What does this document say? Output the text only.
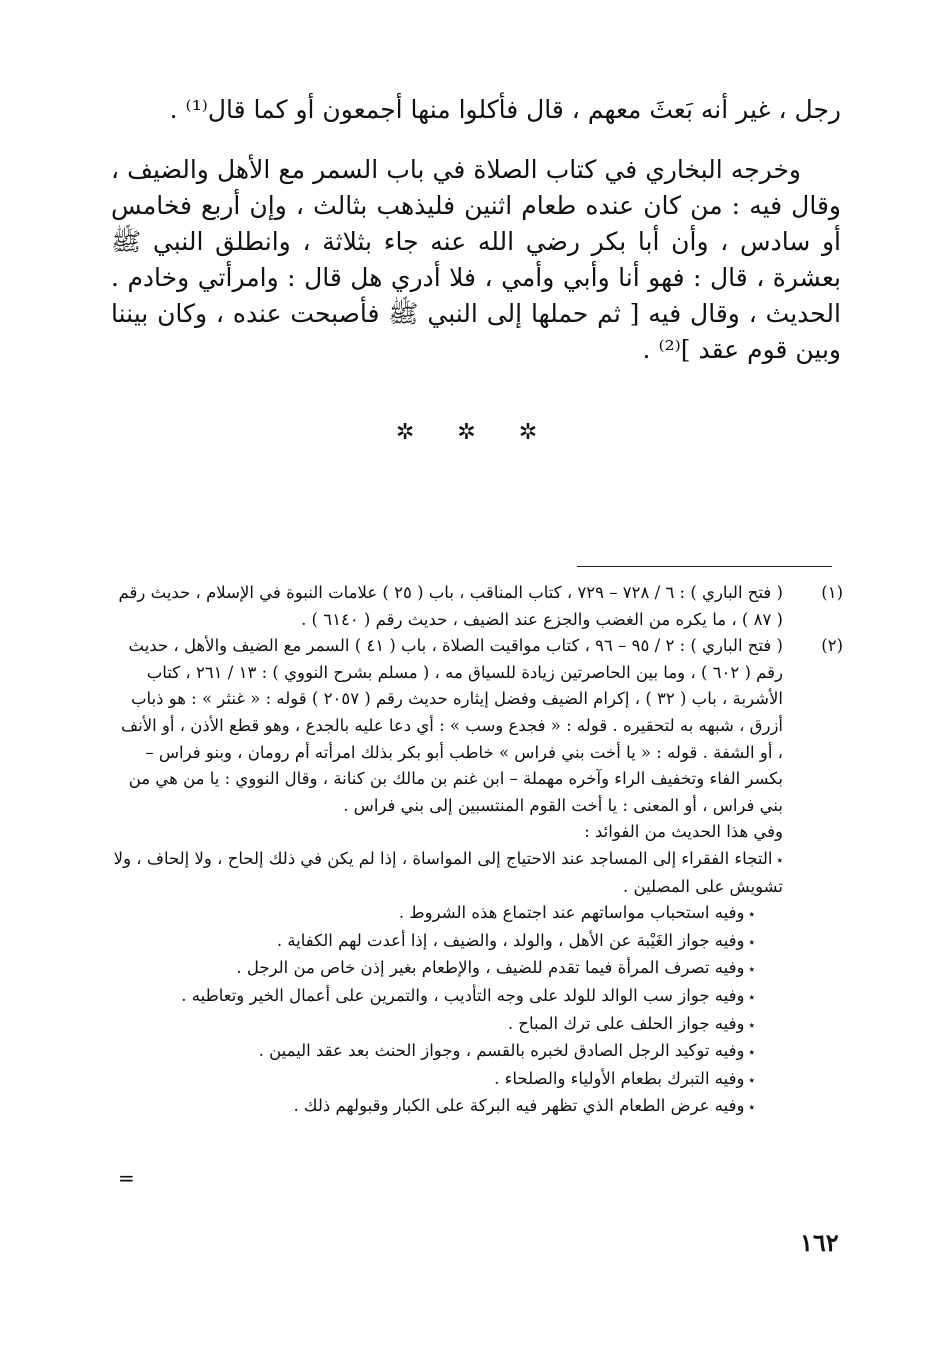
رجل ، غير أنه بَعثَ معهم ، قال فأكلوا منها أجمعون أو كما قال⁽¹⁾ .

وخرجه البخاري في كتاب الصلاة في باب السمر مع الأهل والضيف ، وقال فيه : من كان عنده طعام اثنين فليذهب بثالث ، وإن أربع فخامس أو سادس ، وأن أبا بكر رضي الله عنه جاء بثلاثة ، وانطلق النبي ﷺ بعشرة ، قال : فهو أنا وأبي وأمي ، فلا أدري هل قال : وامرأتي وخادم . الحديث ، وقال فيه [ ثم حملها إلى النبي ﷺ فأصبحت عنده ، وكان بيننا وبين قوم عقد ]⁽²⁾ .

✲ ✲ ✲
(١)
( فتح الباري ) : ٦ / ٧٢٨ – ٧٢٩ ، كتاب المناقب ، باب ( ٢٥ ) علامات النبوة في الإسلام ، حديث رقم ( ٨٧ ) ، ما يكره من الغضب والجزع عند الضيف ، حديث رقم ( ٦١٤٠ ) .
(٢)
( فتح الباري ) : ٢ / ٩٥ – ٩٦ ، كتاب مواقيت الصلاة ، باب ( ٤١ ) السمر مع الضيف والأهل ، حديث رقم ( ٦٠٢ ) ، وما بين الحاصرتين زيادة للسياق مه ، ( مسلم بشرح النووي ) : ١٣ / ٢٦١ ، كتاب الأشربة ، باب ( ٣٢ ) ، إكرام الضيف وفضل إيثاره حديث رقم ( ٢٠٥٧ ) قوله : « غنثر » : هو ذباب أزرق ، شبهه به لتحقيره . قوله : « فجدع وسب » : أي دعا عليه بالجدع ، وهو قطع الأذن ، أو الأنف ، أو الشفة . قوله : « يا أخت بني فراس » خاطب أبو بكر بذلك امرأته أم رومان ، وبنو فراس – بكسر الفاء وتخفيف الراء وآخره مهملة – ابن غنم بن مالك بن كنانة ، وقال النووي : يا من هي من بني فراس ، أو المعنى : يا أخت القوم المنتسبين إلى بني فراس .
وفي هذا الحديث من الفوائد :
٭التجاء الفقراء إلى المساجد عند الاحتياج إلى المواساة ، إذا لم يكن في ذلك إلحاح ، ولا إلحاف ، ولا تشويش على المصلين .
٭وفيه استحباب مواساتهم عند اجتماع هذه الشروط .
٭وفيه جواز الغَيْبة عن الأهل ، والولد ، والضيف ، إذا أعدت لهم الكفاية .
٭وفيه تصرف المرأة فيما تقدم للضيف ، والإطعام بغير إذن خاص من الرجل .
٭وفيه جواز سب الوالد للولد على وجه التأديب ، والتمرين على أعمال الخير وتعاطيه .
٭وفيه جواز الحلف على ترك المباح .
٭وفيه توكيد الرجل الصادق لخبره بالقسم ، وجواز الحنث بعد عقد اليمين .
٭وفيه التبرك بطعام الأولياء والصلحاء .
٭وفيه عرض الطعام الذي تظهر فيه البركة على الكبار وقبولهم ذلك .
=
١٦٢
